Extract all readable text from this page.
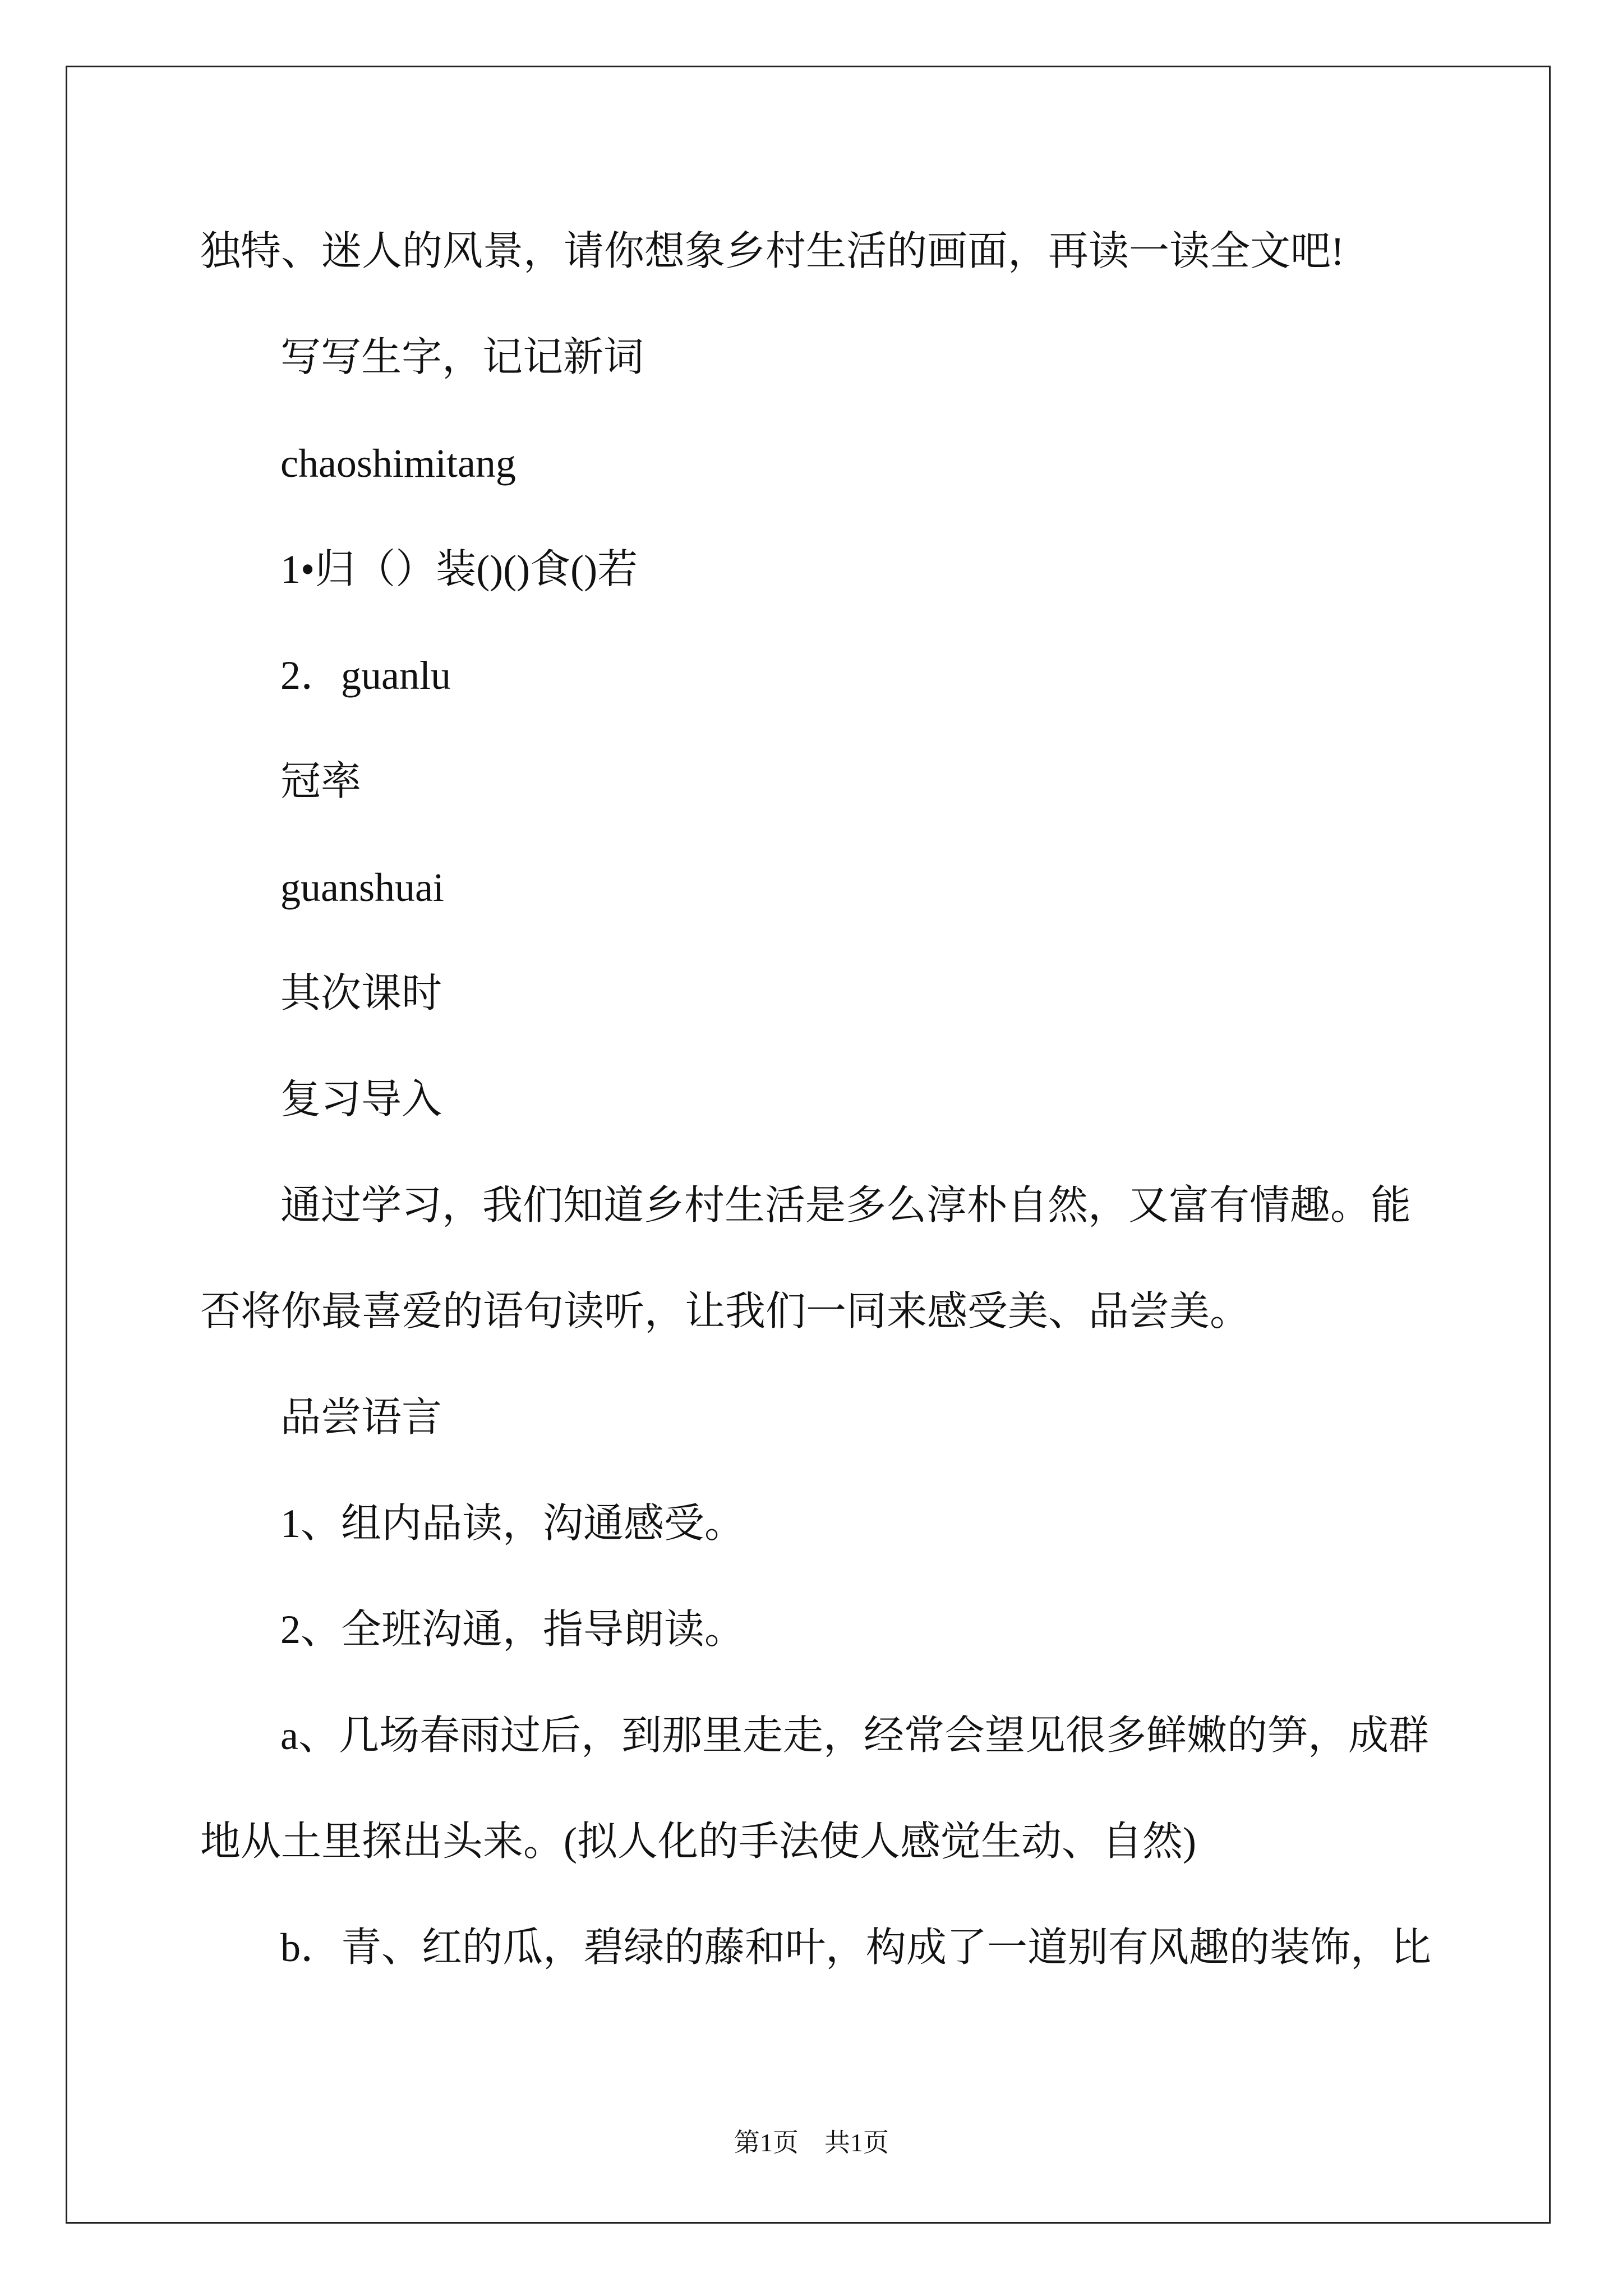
独特、迷人的风景，请你想象乡村生活的画面，再读一读全文吧!

写写生字，记记新词

chaoshimitang

1•归（）装()()食()若

2．guanlu

冠率

guanshuai

其次课时

复习导入

通过学习，我们知道乡村生活是多么淳朴自然，又富有情趣。能

否将你最喜爱的语句读听，让我们一同来感受美、品尝美。

品尝语言

1、组内品读，沟通感受。

2、全班沟通，指导朗读。

a、几场春雨过后，到那里走走，经常会望见很多鲜嫩的笋，成群

地从土里探出头来。(拟人化的手法使人感觉生动、自然)

b．青、红的瓜，碧绿的藤和叶，构成了一道别有风趣的装饰，比

第1页　共1页
